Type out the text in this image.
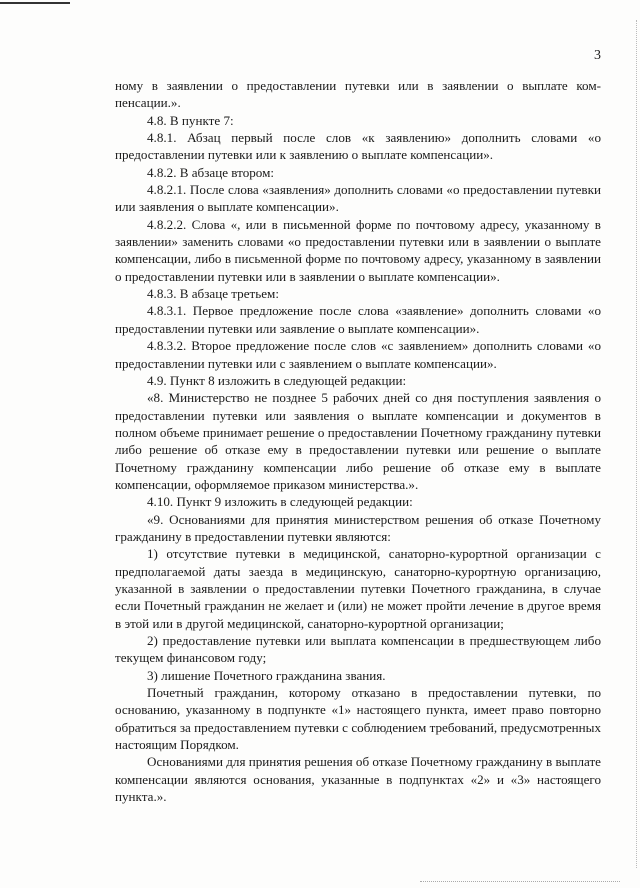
3

ному в заявлении о предоставлении путевки или в заявлении о выплате компенсации.».

4.8. В пункте 7:

4.8.1. Абзац первый после слов «к заявлению» дополнить словами «о предоставлении путевки или к заявлению о выплате компенсации».

4.8.2. В абзаце втором:

4.8.2.1. После слова «заявления» дополнить словами «о предоставлении путевки или заявления о выплате компенсации».

4.8.2.2. Слова «, или в письменной форме по почтовому адресу, указанному в заявлении» заменить словами «о предоставлении путевки или в заявлении о выплате компенсации, либо в письменной форме по почтовому адресу, указанному в заявлении о предоставлении путевки или в заявлении о выплате компенсации».

4.8.3. В абзаце третьем:

4.8.3.1. Первое предложение после слова «заявление» дополнить словами «о предоставлении путевки или заявление о выплате компенсации».

4.8.3.2. Второе предложение после слов «с заявлением» дополнить словами «о предоставлении путевки или с заявлением о выплате компенсации».

4.9. Пункт 8 изложить в следующей редакции:

«8. Министерство не позднее 5 рабочих дней со дня поступления заявления о предоставлении путевки или заявления о выплате компенсации и документов в полном объеме принимает решение о предоставлении Почетному гражданину путевки либо решение об отказе ему в предоставлении путевки или решение о выплате Почетному гражданину компенсации либо решение об отказе ему в выплате компенсации, оформляемое приказом министерства.».

4.10. Пункт 9 изложить в следующей редакции:

«9. Основаниями для принятия министерством решения об отказе Почетному гражданину в предоставлении путевки являются:

1) отсутствие путевки в медицинской, санаторно-курортной организации с предполагаемой даты заезда в медицинскую, санаторно-курортную организацию, указанной в заявлении о предоставлении путевки Почетного гражданина, в случае если Почетный гражданин не желает и (или) не может пройти лечение в другое время в этой или в другой медицинской, санаторно-курортной организации;

2) предоставление путевки или выплата компенсации в предшествующем либо текущем финансовом году;

3) лишение Почетного гражданина звания.

Почетный гражданин, которому отказано в предоставлении путевки, по основанию, указанному в подпункте «1» настоящего пункта, имеет право повторно обратиться за предоставлением путевки с соблюдением требований, предусмотренных настоящим Порядком.

Основаниями для принятия решения об отказе Почетному гражданину в выплате компенсации являются основания, указанные в подпунктах «2» и «3» настоящего пункта.».
